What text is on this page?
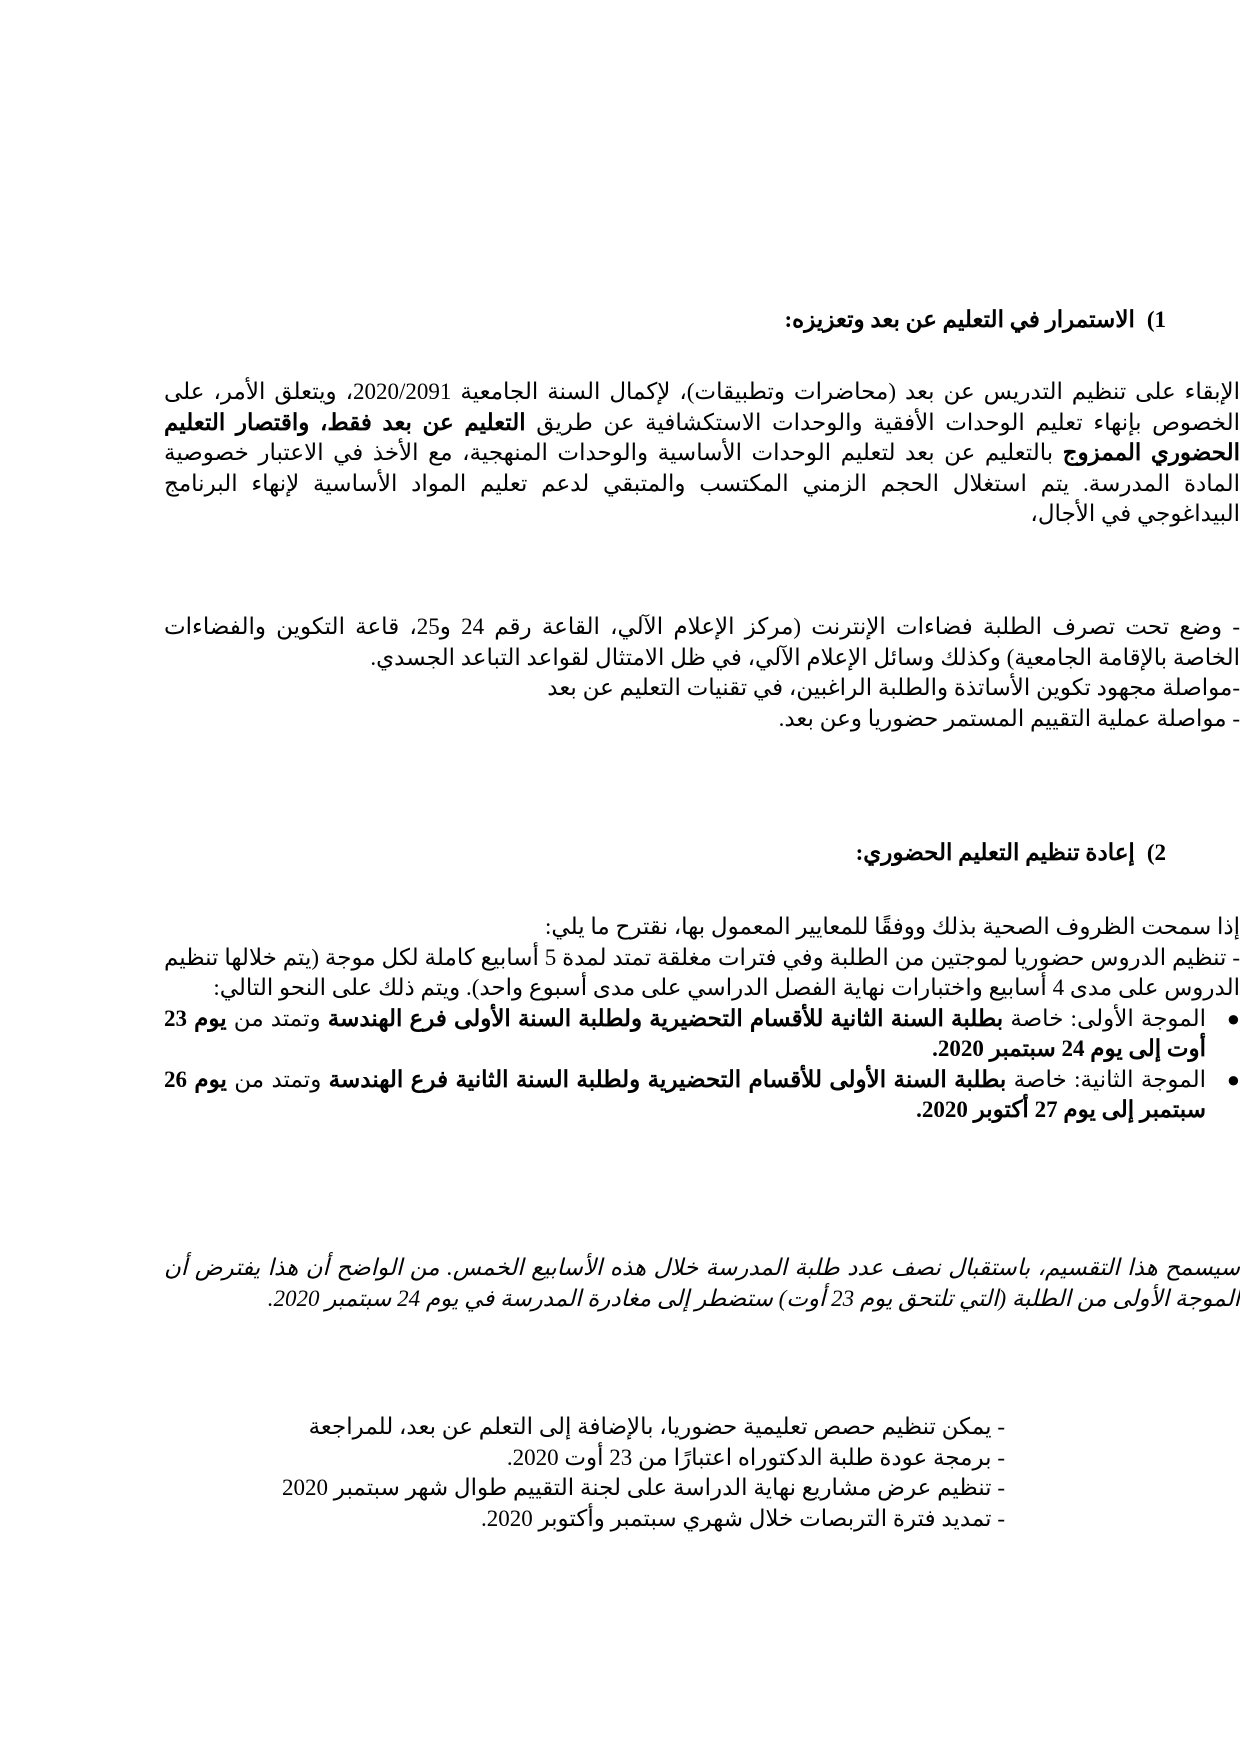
1)الاستمرار في التعليم عن بعد وتعزيزه:
الإبقاء على تنظيم التدريس عن بعد (محاضرات وتطبيقات)، لإكمال السنة الجامعية 2020/2091، ويتعلق الأمر، على الخصوص بإنهاء تعليم الوحدات الأفقية والوحدات الاستكشافية عن طريق التعليم عن بعد فقط، واقتصار التعليم الحضوري الممزوج بالتعليم عن بعد لتعليم الوحدات الأساسية والوحدات المنهجية، مع الأخذ في الاعتبار خصوصية المادة المدرسة. يتم استغلال الحجم الزمني المكتسب والمتبقي لدعم تعليم المواد الأساسية لإنهاء البرنامج البيداغوجي في الأجال،
- وضع تحت تصرف الطلبة فضاءات الإنترنت (مركز الإعلام الآلي، القاعة رقم 24 و25، قاعة التكوين والفضاءات الخاصة بالإقامة الجامعية) وكذلك وسائل الإعلام الآلي، في ظل الامتثال لقواعد التباعد الجسدي.
-مواصلة مجهود تكوين الأساتذة والطلبة الراغبين، في تقنيات التعليم عن بعد
- مواصلة عملية التقييم المستمر حضوريا وعن بعد.
2)إعادة تنظيم التعليم الحضوري:
إذا سمحت الظروف الصحية بذلك ووفقًا للمعايير المعمول بها، نقترح ما يلي:
- تنظيم الدروس حضوريا لموجتين من الطلبة وفي فترات مغلقة تمتد لمدة 5 أسابيع كاملة لكل موجة (يتم خلالها تنظيم الدروس على مدى 4 أسابيع واختبارات نهاية الفصل الدراسي على مدى أسبوع واحد). ويتم ذلك على النحو التالي:
●
الموجة الأولى: خاصة بطلبة السنة الثانية للأقسام التحضيرية ولطلبة السنة الأولى فرع الهندسة وتمتد من يوم 23 أوت إلى يوم 24 سبتمبر 2020.
●
الموجة الثانية: خاصة بطلبة السنة الأولى للأقسام التحضيرية ولطلبة السنة الثانية فرع الهندسة وتمتد من يوم 26 سبتمبر إلى يوم 27 أكتوبر 2020.
سيسمح هذا التقسيم، باستقبال نصف عدد طلبة المدرسة خلال هذه الأسابيع الخمس. من الواضح أن هذا يفترض أن الموجة الأولى من الطلبة (التي تلتحق يوم 23 أوت) ستضطر إلى مغادرة المدرسة في يوم 24 سبتمبر 2020.
- يمكن تنظيم حصص تعليمية حضوريا، بالإضافة إلى التعلم عن بعد، للمراجعة
- برمجة عودة طلبة الدكتوراه اعتبارًا من 23 أوت 2020.
- تنظيم عرض مشاريع نهاية الدراسة على لجنة التقييم طوال شهر سبتمبر 2020
- تمديد فترة التربصات خلال شهري سبتمبر وأكتوبر 2020.
